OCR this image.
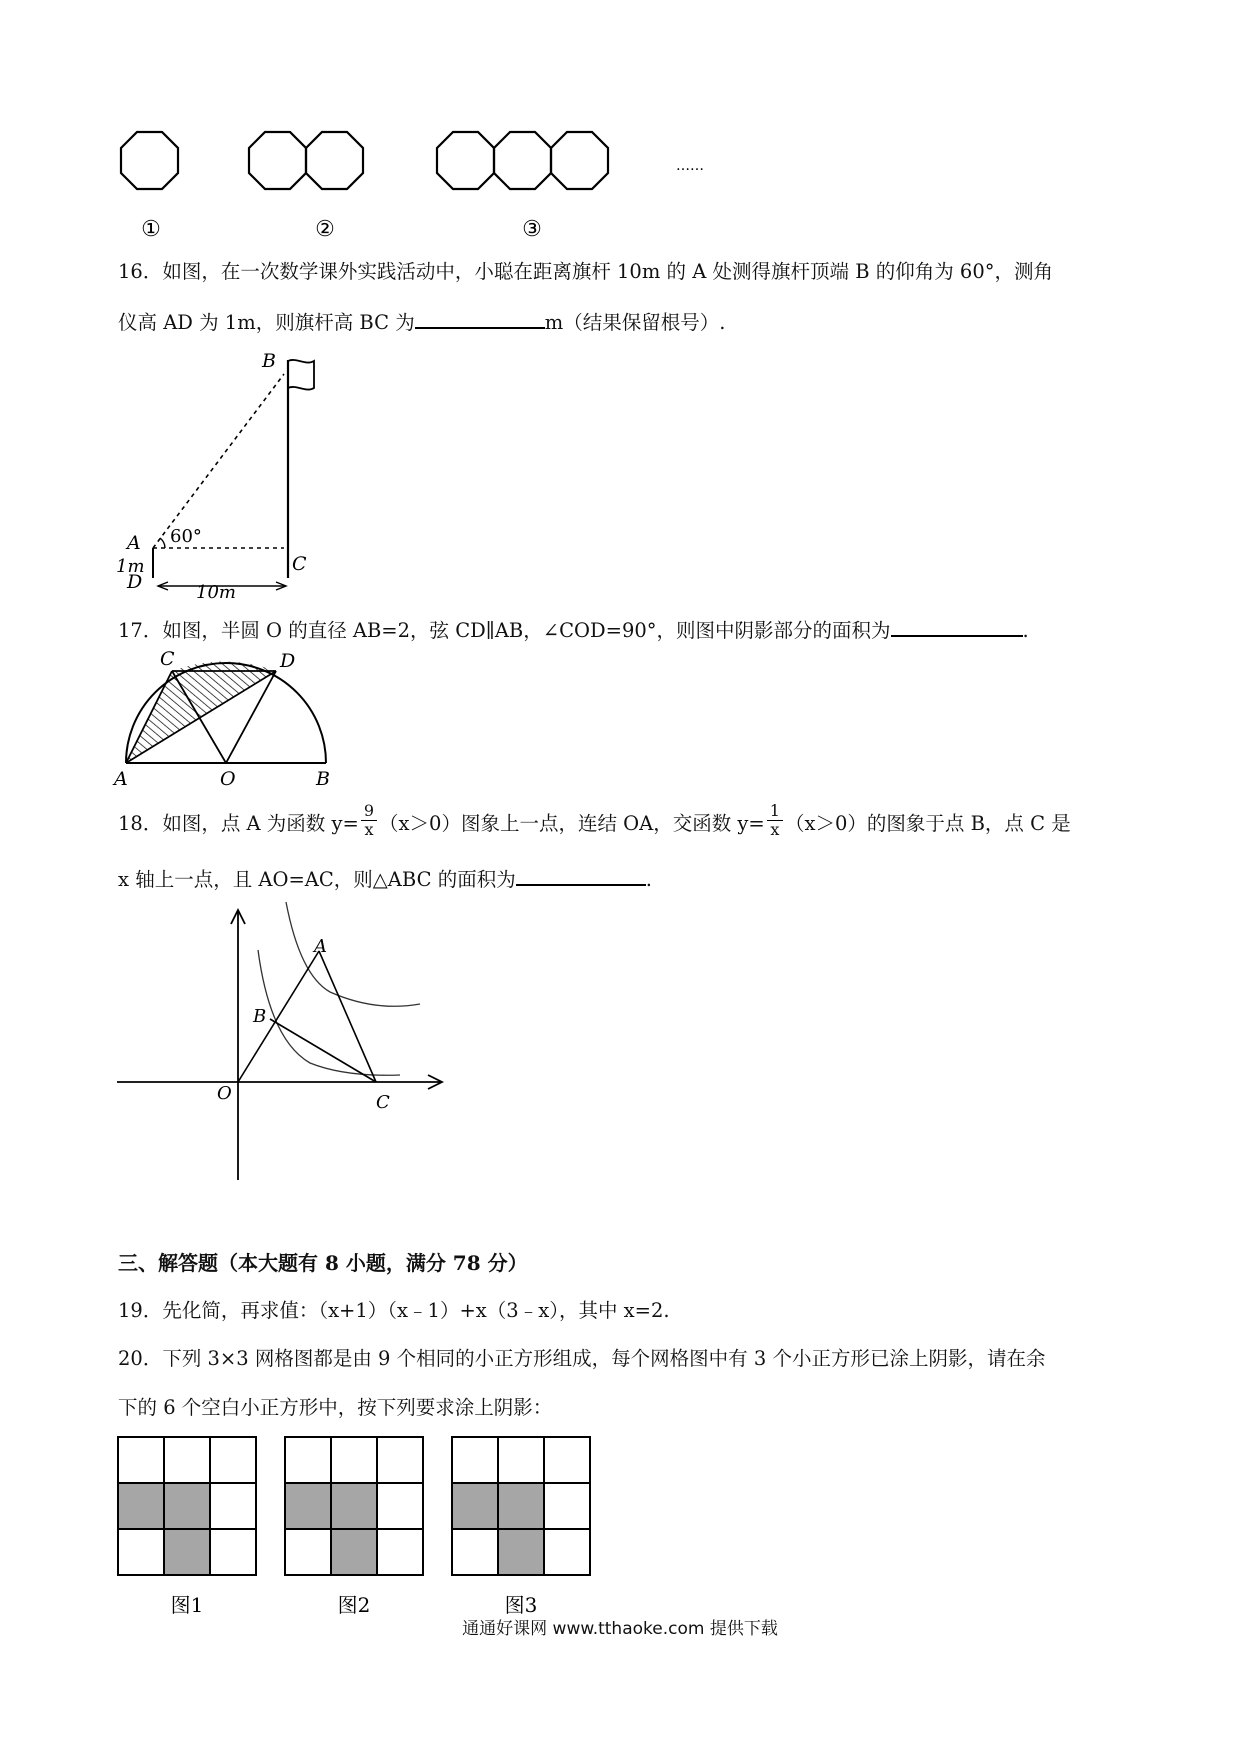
①	②	③
……
16．如图，在一次数学课外实践活动中，小聪在距离旗杆 10m 的 A 处测得旗杆顶端 B 的仰角为 60°，测角
仪高 AD 为 1m，则旗杆高 BC 为	m（结果保留根号）.
B
A 60°
1m
D
C
10m
17．如图，半圆 O 的直径 AB=2，弦 CD∥AB，∠COD=90°，则图中阴影部分的面积为	.
C	D
A	O	B
18．如图，点 A 为函数 $y= \frac{9}{x} (x>0)$图象上一点，连结 OA，交函数 $y= \frac{1}{x} (x>0)$的图象于点 B，点 C 是
x 轴上一点，且 AO=AC，则△ABC 的面积为	.
A
B
O	C
三、解答题（本大题有 8 小题，满分 78 分）
19．先化简，再求值：（x+1）（x﹣1）+x（3﹣x），其中 x=2.
20．下列 3×3 网格图都是由 9 个相同的小正方形组成，每个网格图中有 3 个小正方形已涂上阴影，请在余
下的 6 个空白小正方形中，按下列要求涂上阴影：
图1	图2	图3
通通好课网 www.tthaoke.com 提供下载
